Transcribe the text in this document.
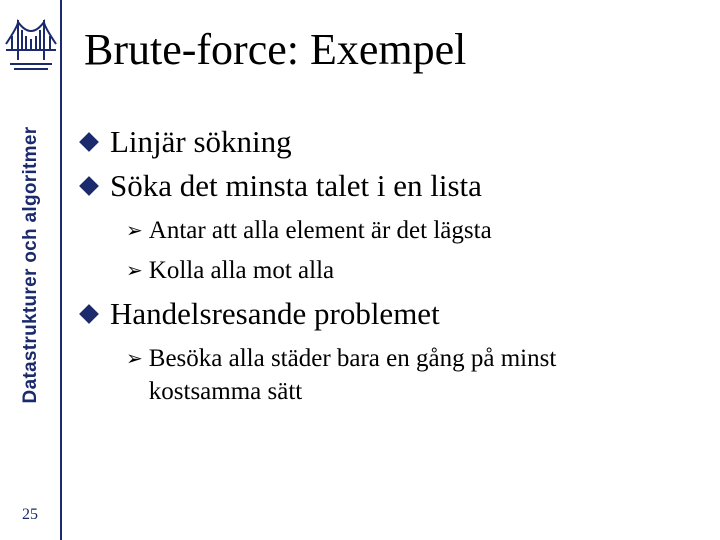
Datastrukturer och algoritmer
25
Brute-force: Exempel
Linjär sökning
Söka det minsta talet i en lista
➢ Antar att alla element är det lägsta
➢ Kolla alla mot alla
Handelsresande problemet
➢ Besöka alla städer bara en gång på minst kostsamma sätt
